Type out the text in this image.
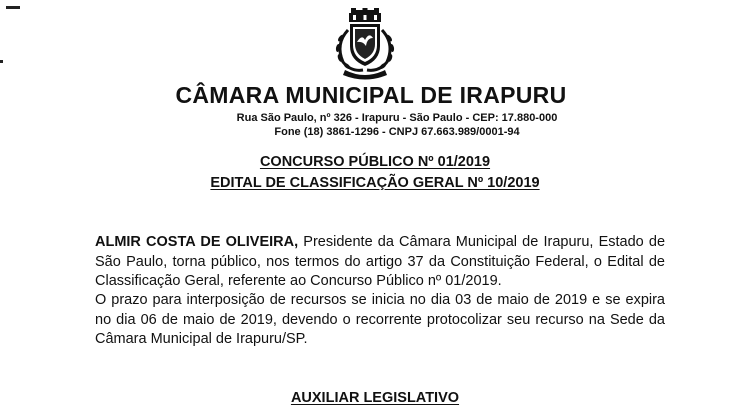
CÂMARA MUNICIPAL DE IRAPURU
Rua São Paulo, nº 326 - Irapuru - São Paulo - CEP: 17.880-000
Fone (18) 3861-1296 - CNPJ 67.663.989/0001-94
CONCURSO PÚBLICO Nº 01/2019
EDITAL DE CLASSIFICAÇÃO GERAL Nº 10/2019
ALMIR COSTA DE OLIVEIRA, Presidente da Câmara Municipal de Irapuru, Estado de São Paulo, torna público, nos termos do artigo 37 da Constituição Federal, o Edital de Classificação Geral, referente ao Concurso Público nº 01/2019.
O prazo para interposição de recursos se inicia no dia 03 de maio de 2019 e se expira no dia 06 de maio de 2019, devendo o recorrente protocolizar seu recurso na Sede da Câmara Municipal de Irapuru/SP.
AUXILIAR LEGISLATIVO
